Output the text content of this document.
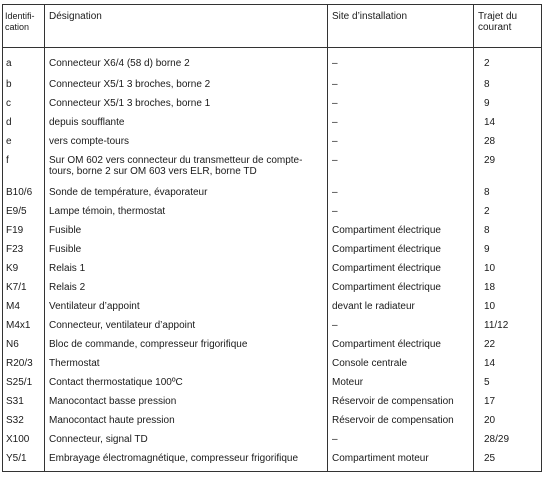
Identifi-
cation	Désignation	Site d’installation	Trajet du
courant
a	Connecteur X6/4 (58 d) borne 2	–	2
b	Connecteur X5/1 3 broches, borne 2	–	8
c	Connecteur X5/1 3 broches, borne 1	–	9
d	depuis soufflante	–	14
e	vers compte-tours	–	28
f	Sur OM 602 vers connecteur du transmetteur de compte-tours, borne 2 sur OM 603 vers ELR, borne TD	–	29
B10/6	Sonde de température, évaporateur	–	8
E9/5	Lampe témoin, thermostat	–	2
F19	Fusible	Compartiment électrique	8
F23	Fusible	Compartiment électrique	9
K9	Relais 1	Compartiment électrique	10
K7/1	Relais 2	Compartiment électrique	18
M4	Ventilateur d’appoint	devant le radiateur	10
M4x1	Connecteur, ventilateur d’appoint	–	11/12
N6	Bloc de commande, compresseur frigorifique	Compartiment électrique	22
R20/3	Thermostat	Console centrale	14
S25/1	Contact thermostatique 100ºC	Moteur	5
S31	Manocontact basse pression	Réservoir de compensation	17
S32	Manocontact haute pression	Réservoir de compensation	20
X100	Connecteur, signal TD	–	28/29
Y5/1	Embrayage électromagnétique, compresseur frigorifique	Compartiment moteur	25
